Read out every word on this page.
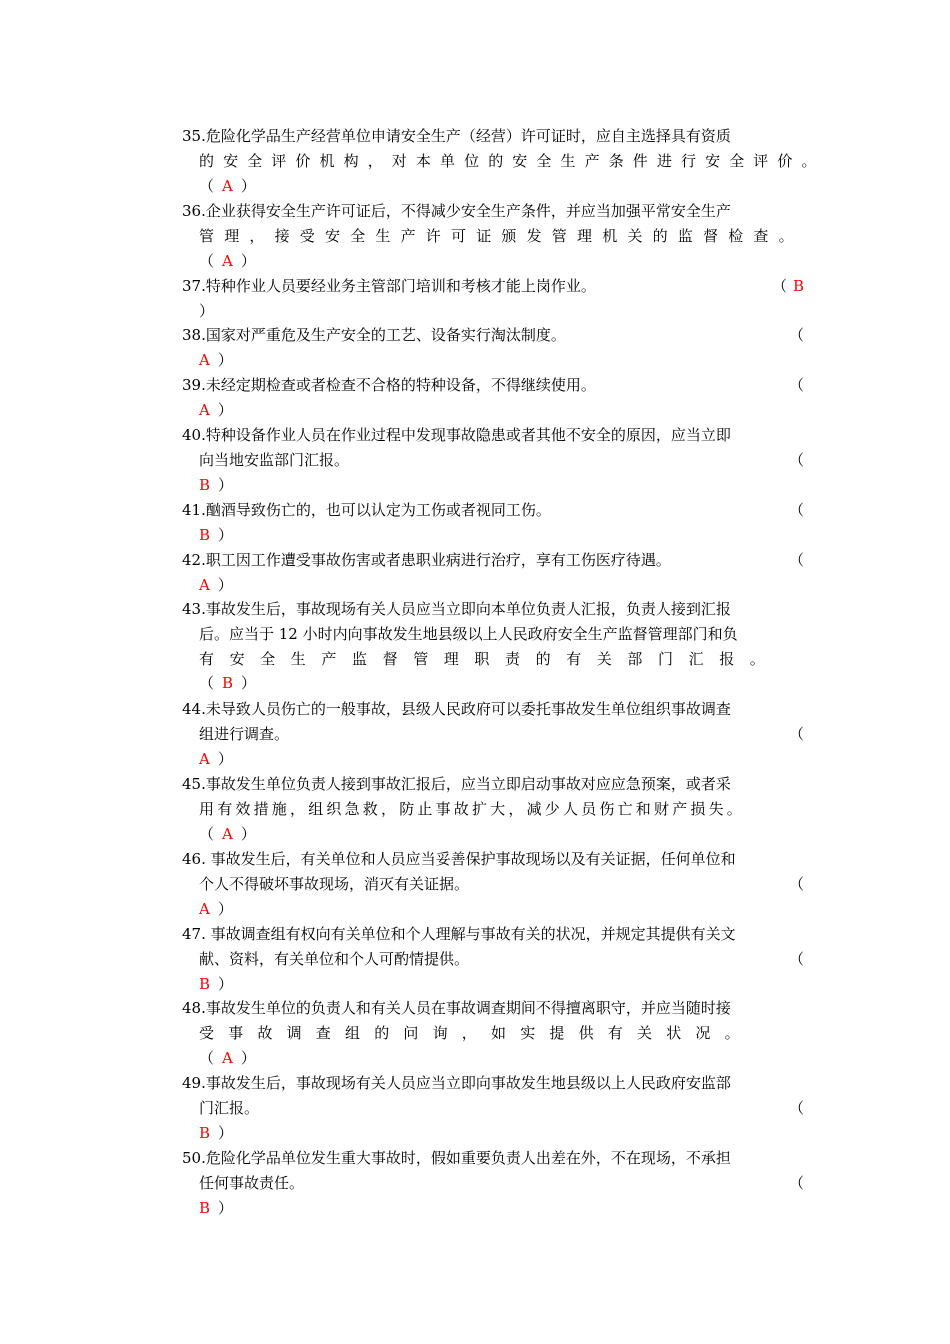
35.危险化学品生产经营单位申请安全生产（经营）许可证时，应自主选择具有资质
的安全评价机构，对本单位的安全生产条件进行安全评价。
（ A ）
36.企业获得安全生产许可证后，不得减少安全生产条件，并应当加强平常安全生产
管理，接受安全生产许可证颁发管理机关的监督检查。
（ A ）
37.特种作业人员要经业务主管部门培训和考核才能上岗作业。	（ B
）
38.国家对严重危及生产安全的工艺、设备实行淘汰制度。	（
A ）
39.未经定期检查或者检查不合格的特种设备，不得继续使用。	（
A ）
40.特种设备作业人员在作业过程中发现事故隐患或者其他不安全的原因，应当立即
向当地安监部门汇报。	（
B ）
41.酗酒导致伤亡的，也可以认定为工伤或者视同工伤。	（
B ）
42.职工因工作遭受事故伤害或者患职业病进行治疗，享有工伤医疗待遇。	（
A ）
43.事故发生后，事故现场有关人员应当立即向本单位负责人汇报，负责人接到汇报
后。应当于 12 小时内向事故发生地县级以上人民政府安全生产监督管理部门和负
有安全生产监督管理职责的有关部门汇报。
（ B ）
44.未导致人员伤亡的一般事故，县级人民政府可以委托事故发生单位组织事故调查
组进行调查。	（
A ）
45.事故发生单位负责人接到事故汇报后，应当立即启动事故对应应急预案，或者采
用有效措施，组织急救，防止事故扩大，减少人员伤亡和财产损失。
（ A ）
46. 事故发生后，有关单位和人员应当妥善保护事故现场以及有关证据，任何单位和
个人不得破坏事故现场，消灭有关证据。	（
A ）
47. 事故调查组有权向有关单位和个人理解与事故有关的状况，并规定其提供有关文
献、资料，有关单位和个人可酌情提供。	（
B ）
48.事故发生单位的负责人和有关人员在事故调查期间不得擅离职守，并应当随时接
受事故调查组的问询，如实提供有关状况。
（ A ）
49.事故发生后，事故现场有关人员应当立即向事故发生地县级以上人民政府安监部
门汇报。	（
B ）
50.危险化学品单位发生重大事故时，假如重要负责人出差在外，不在现场，不承担
任何事故责任。	（
B ）
